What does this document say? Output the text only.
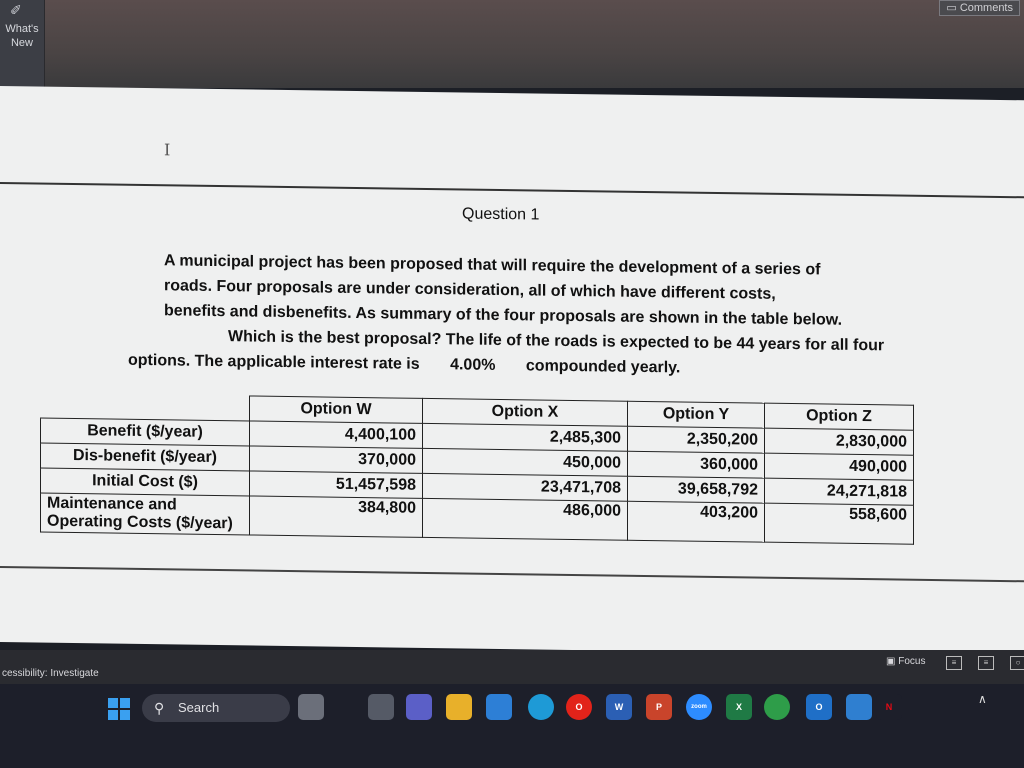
✐
What's
New
▭ Comments
I
Question 1
A municipal project has been proposed that will require the development of a series of
roads. Four proposals are under consideration, all of which have different costs,
benefits and disbenefits. As summary of the four proposals are shown in the table below.
Which is the best proposal? The life of the roads is expected to be 44 years for all four
options. The applicable interest rate is 4.00% compounded yearly.
	Option W	Option X	Option Y	Option Z
Benefit ($/year)	4,400,100	2,485,300	2,350,200	2,830,000
Dis-benefit ($/year)	370,000	450,000	360,000	490,000
Initial Cost ($)	51,457,598	23,471,708	39,658,792	24,271,818
Maintenance and
Operating Costs ($/year)	384,800	486,000	403,200	558,600
cessibility: Investigate
▣ Focus	≡	≡	○
⚲ Search	O	W	P	zoom	X	O	N
∧
